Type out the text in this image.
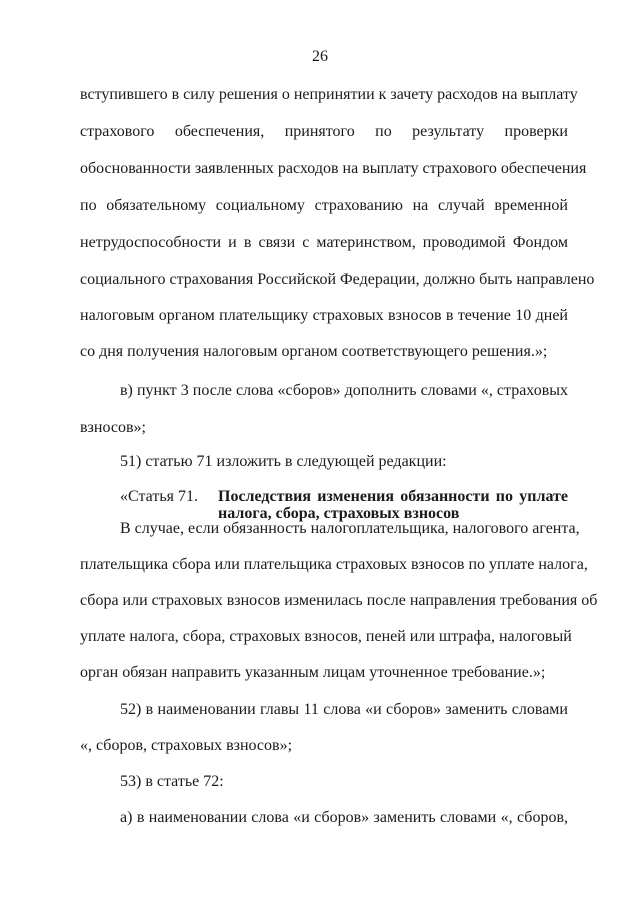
26
вступившего в силу решения о непринятии к зачету расходов на выплату
страхового обеспечения, принятого по результату проверки
обоснованности заявленных расходов на выплату страхового обеспечения
по обязательному социальному страхованию на случай временной
нетрудоспособности и в связи с материнством, проводимой Фондом
социального страхования Российской Федерации, должно быть направлено
налоговым органом плательщику страховых взносов в течение 10 дней
со дня получения налоговым органом соответствующего решения.»;
в) пункт 3 после слова «сборов» дополнить словами «, страховых
взносов»;
51) статью 71 изложить в следующей редакции:
«Статья 71. Последствия изменения обязанности по уплате
налога, сбора, страховых взносов
В случае, если обязанность налогоплательщика, налогового агента,
плательщика сбора или плательщика страховых взносов по уплате налога,
сбора или страховых взносов изменилась после направления требования об
уплате налога, сбора, страховых взносов, пеней или штрафа, налоговый
орган обязан направить указанным лицам уточненное требование.»;
52) в наименовании главы 11 слова «и сборов» заменить словами
«, сборов, страховых взносов»;
53) в статье 72:
а) в наименовании слова «и сборов» заменить словами «, сборов,
